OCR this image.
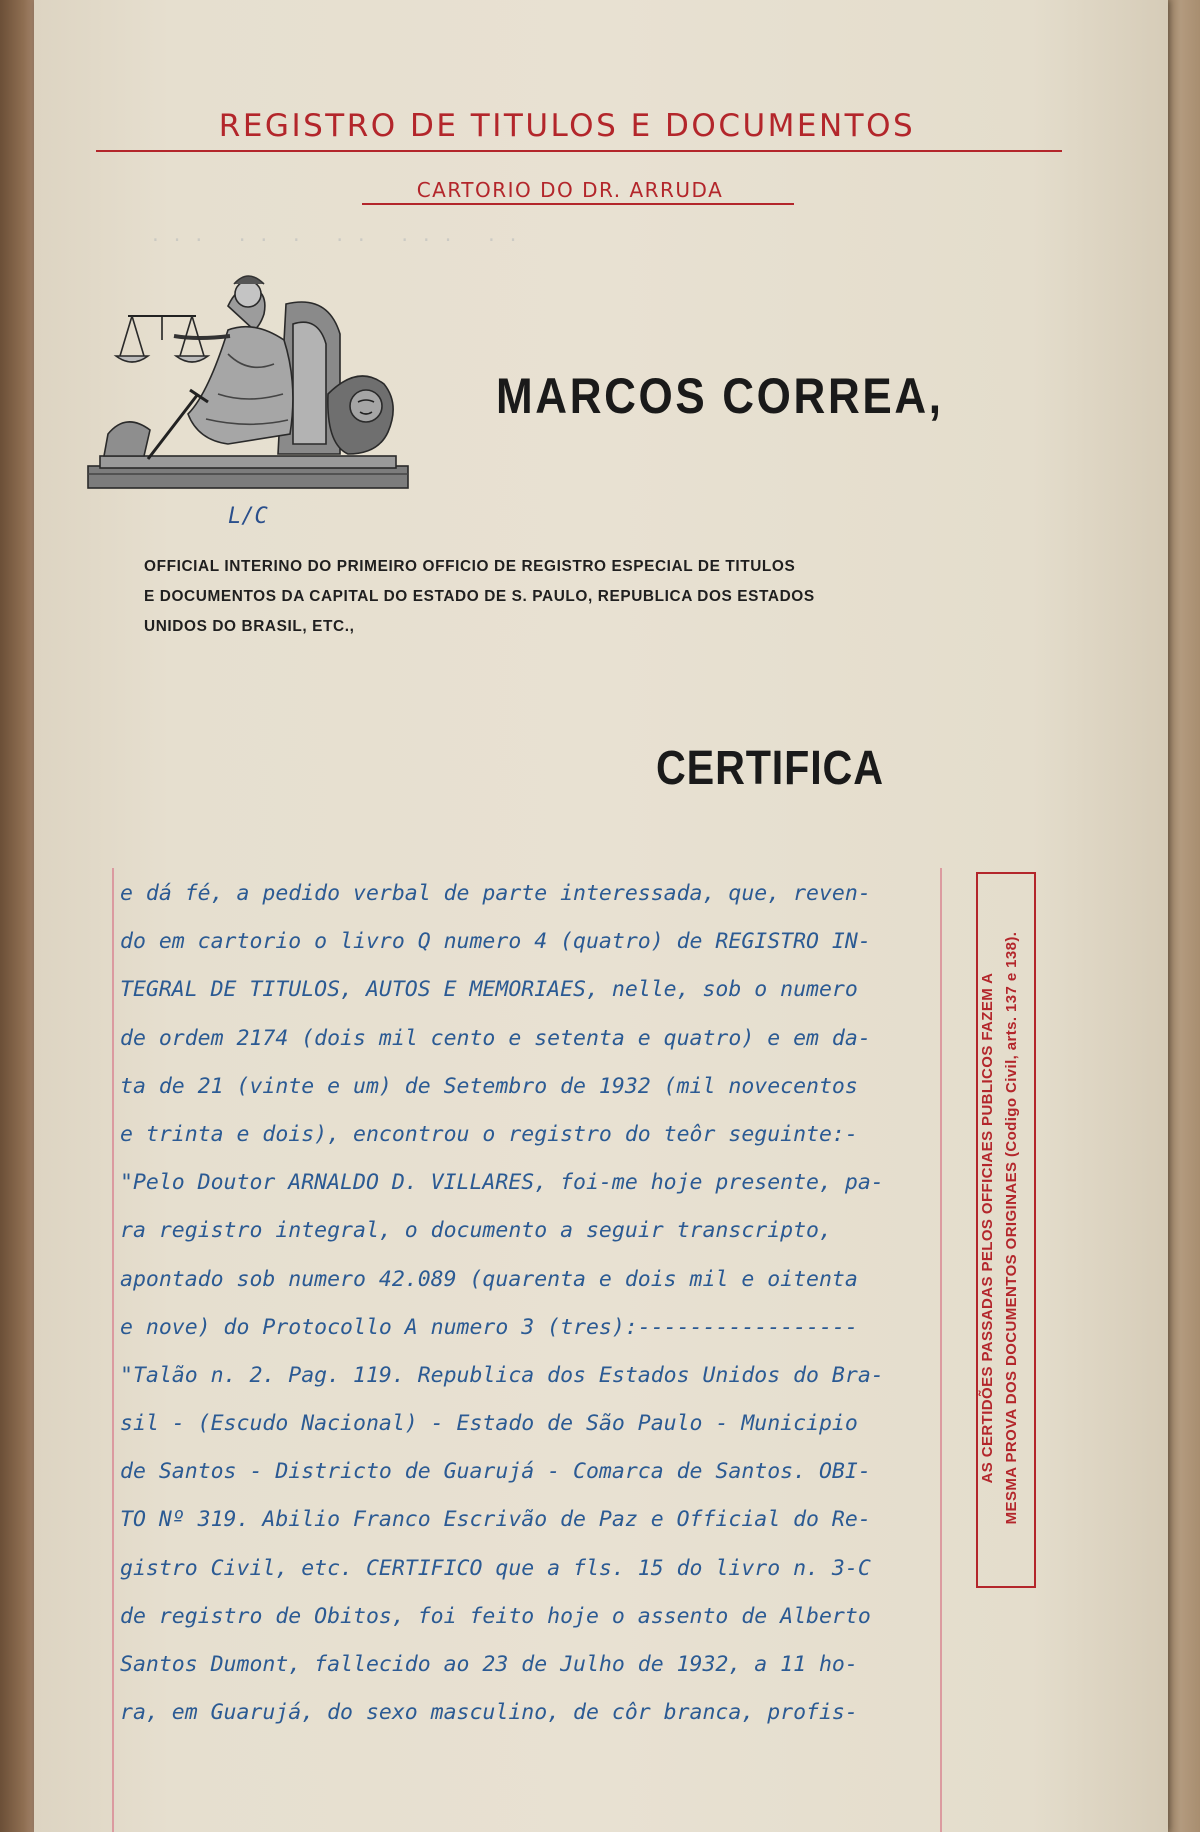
· · ·   · ·  ·   · ·   · · ·   · ·
REGISTRO DE TITULOS E DOCUMENTOS
CARTORIO DO DR. ARRUDA
L/C
MARCOS CORREA,
OFFICIAL INTERINO DO PRIMEIRO OFFICIO DE REGISTRO ESPECIAL DE TITULOS
E DOCUMENTOS DA CAPITAL DO ESTADO DE S. PAULO, REPUBLICA DOS ESTADOS
UNIDOS DO BRASIL, ETC.,
CERTIFICA
e dá fé, a pedido verbal de parte interessada, que, reven-
do em cartorio o livro Q numero 4 (quatro) de REGISTRO IN-
TEGRAL DE TITULOS, AUTOS E MEMORIAES, nelle, sob o numero
de ordem 2174 (dois mil cento e setenta e quatro) e em da-
ta de 21 (vinte e um) de Setembro de 1932 (mil novecentos
e trinta e dois), encontrou o registro do teôr seguinte:-
"Pelo Doutor ARNALDO D. VILLARES, foi-me hoje presente, pa-
ra registro integral, o documento a seguir transcripto,
apontado sob numero 42.089 (quarenta e dois mil e oitenta
e nove) do Protocollo A numero 3 (tres):-----------------
"Talão n. 2. Pag. 119. Republica dos Estados Unidos do Bra-
sil - (Escudo Nacional) - Estado de São Paulo - Municipio
de Santos - Districto de Guarujá - Comarca de Santos. OBI-
TO Nº 319. Abilio Franco Escrivão de Paz e Official do Re-
gistro Civil, etc. CERTIFICO que a fls. 15 do livro n. 3-C
de registro de Obitos, foi feito hoje o assento de Alberto
Santos Dumont, fallecido ao 23 de Julho de 1932, a 11 ho-
ra, em Guarujá, do sexo masculino, de côr branca, profis-
AS CERTIDÕES PASSADAS PELOS OFFICIAES PUBLICOS FAZEM A MESMA PROVA DOS DOCUMENTOS ORIGINAES (Codigo Civil, arts. 137 e 138).
